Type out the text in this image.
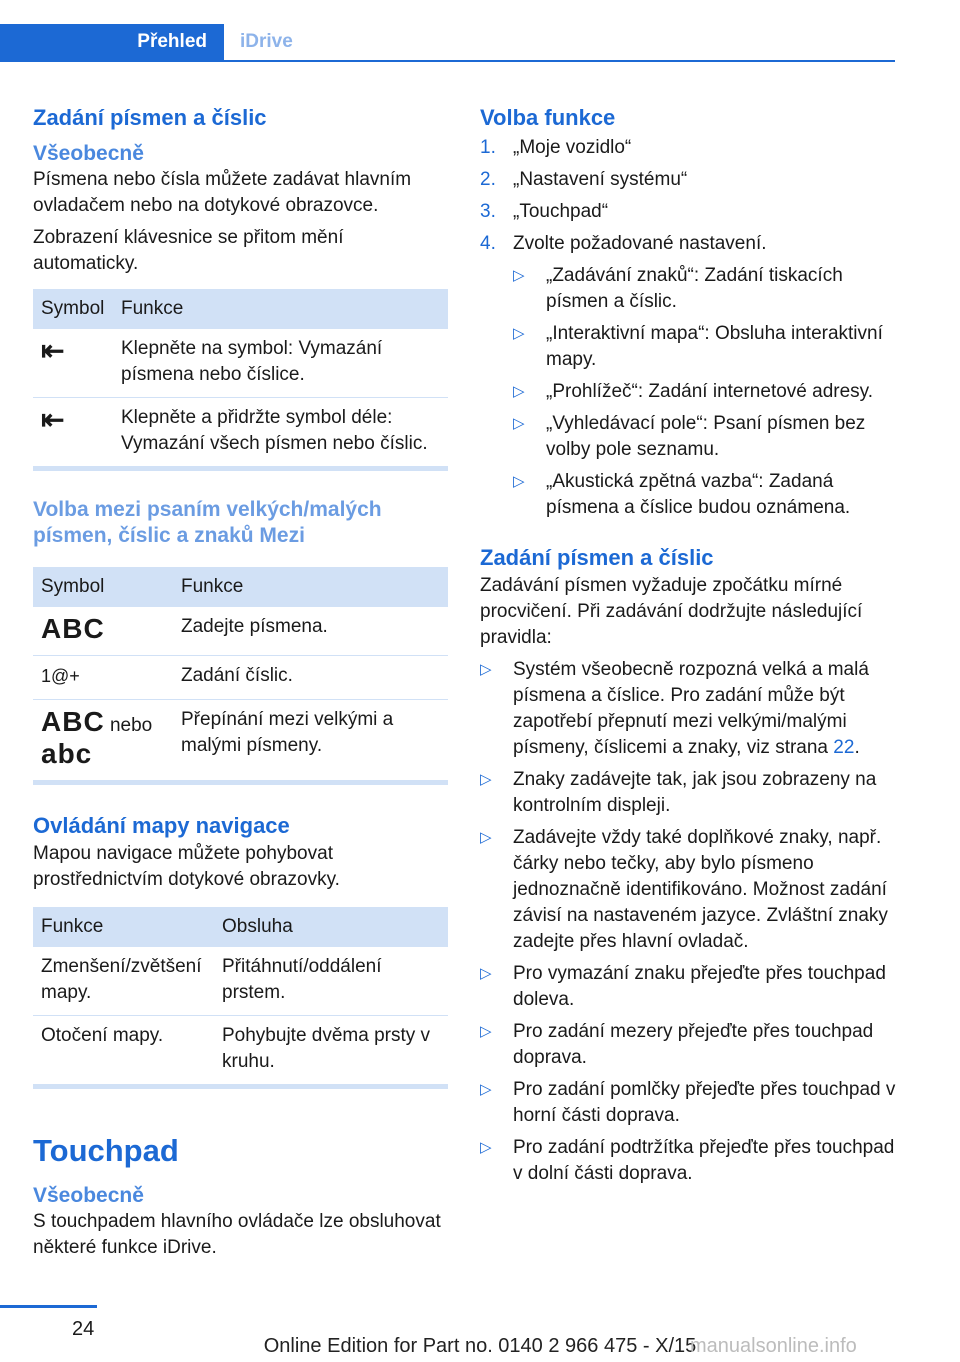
Přehled	iDrive
Zadání písmen a číslic
Všeobecně

Písmena nebo čísla můžete zadávat hlavním ovladačem nebo na dotykové obrazovce.

Zobrazení klávesnice se přitom mění automaticky.

Symbol	Funkce
⇤	Klepněte na symbol: Vymazání písmena nebo číslice.
⇤	Klepněte a přidržte symbol déle: Vymazání všech písmen nebo číslic.
Volba mezi psaním velkých/malých písmen, číslic a znaků Mezi
Symbol	Funkce
ABC	Zadejte písmena.
1@+	Zadání číslic.
ABC nebo
abc	Přepínání mezi velkými a malými písmeny.
Ovládání mapy navigace

Mapou navigace můžete pohybovat prostřednictvím dotykové obrazovky.

Funkce	Obsluha
Zmenšení/zvětšení mapy.	Přitáhnutí/oddálení prstem.
Otočení mapy.	Pohybujte dvěma prsty v kruhu.
Touchpad
Všeobecně

S touchpadem hlavního ovládače lze obsluhovat některé funkce iDrive.

Volba funkce
1. „Moje vozidlo“
2. „Nastavení systému“
3. „Touchpad“
4. Zvolte požadované nastavení.
▷ „Zadávání znaků“: Zadání tiskacích písmen a číslic.
▷ „Interaktivní mapa“: Obsluha interaktivní mapy.
▷ „Prohlížeč“: Zadání internetové adresy.
▷ „Vyhledávací pole“: Psaní písmen bez volby pole seznamu.
▷ „Akustická zpětná vazba“: Zadaná písmena a číslice budou oznámena.
Zadání písmen a číslic

Zadávání písmen vyžaduje zpočátku mírné procvičení. Při zadávání dodržujte následující pravidla:

▷ Systém všeobecně rozpozná velká a malá písmena a číslice. Pro zadání může být zapotřebí přepnutí mezi velkými/malými písmeny, číslicemi a znaky, viz strana 22.
▷ Znaky zadávejte tak, jak jsou zobrazeny na kontrolním displeji.
▷ Zadávejte vždy také doplňkové znaky, např. čárky nebo tečky, aby bylo písmeno jednoznačně identifikováno. Možnost zadání závisí na nastaveném jazyce. Zvláštní znaky zadejte přes hlavní ovladač.
▷ Pro vymazání znaku přejeďte přes touchpad doleva.
▷ Pro zadání mezery přejeďte přes touchpad doprava.
▷ Pro zadání pomlčky přejeďte přes touchpad v horní části doprava.
▷ Pro zadání podtržítka přejeďte přes touchpad v dolní části doprava.
24
Online Edition for Part no. 0140 2 966 475 - X/15
manualsonline.info
